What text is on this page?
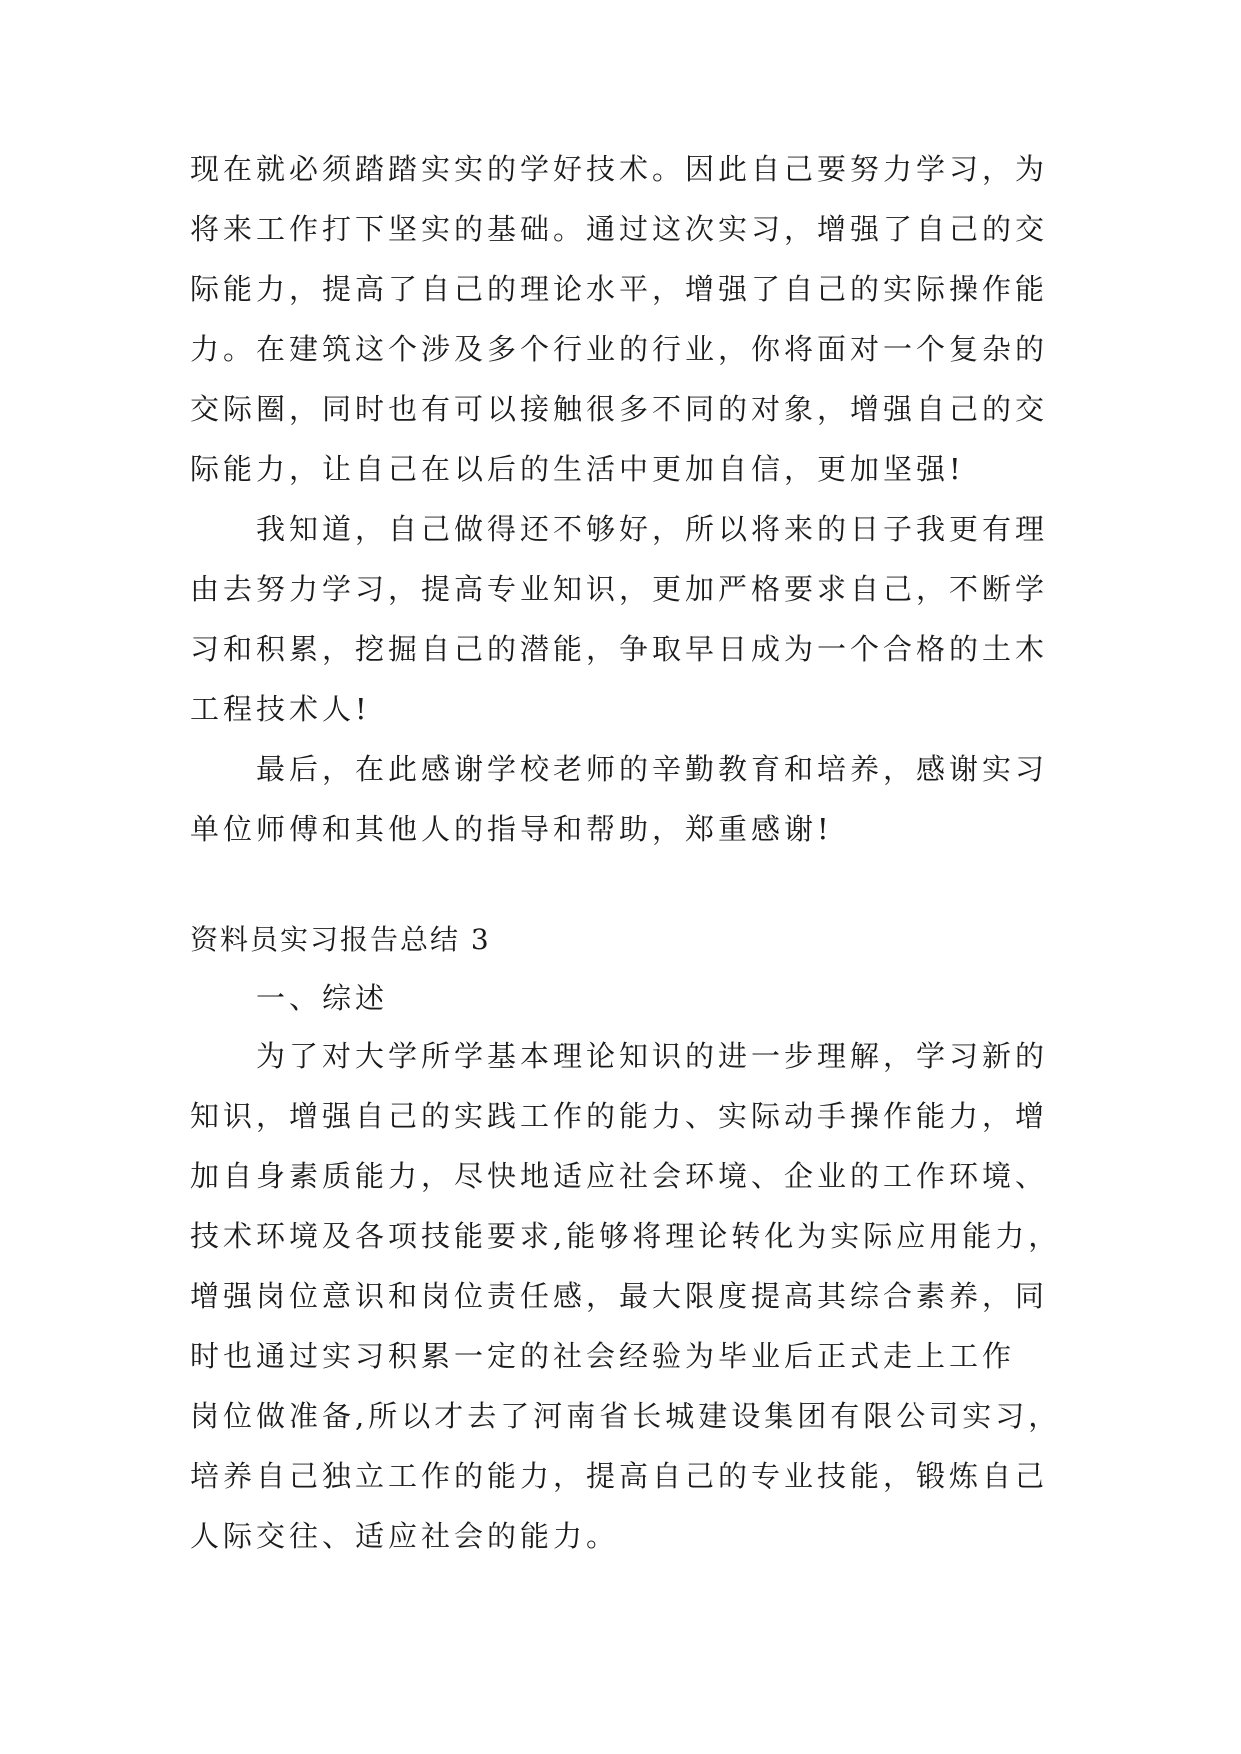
现在就必须踏踏实实的学好技术。因此自己要努力学习，为
将来工作打下坚实的基础。通过这次实习，增强了自己的交
际能力，提高了自己的理论水平，增强了自己的实际操作能
力。在建筑这个涉及多个行业的行业，你将面对一个复杂的
交际圈，同时也有可以接触很多不同的对象，增强自己的交
际能力，让自己在以后的生活中更加自信，更加坚强!
我知道，自己做得还不够好，所以将来的日子我更有理
由去努力学习，提高专业知识，更加严格要求自己，不断学
习和积累，挖掘自己的潜能，争取早日成为一个合格的土木
工程技术人!
最后，在此感谢学校老师的辛勤教育和培养，感谢实习
单位师傅和其他人的指导和帮助，郑重感谢!
资料员实习报告总结 3
一、综述
为了对大学所学基本理论知识的进一步理解，学习新的
知识，增强自己的实践工作的能力、实际动手操作能力，增
加自身素质能力，尽快地适应社会环境、企业的工作环境、
技术环境及各项技能要求,能够将理论转化为实际应用能力，
增强岗位意识和岗位责任感，最大限度提高其综合素养，同
时也通过实习积累一定的社会经验为毕业后正式走上工作
岗位做准备,所以才去了河南省长城建设集团有限公司实习，
培养自己独立工作的能力，提高自己的专业技能，锻炼自己
人际交往、适应社会的能力。
